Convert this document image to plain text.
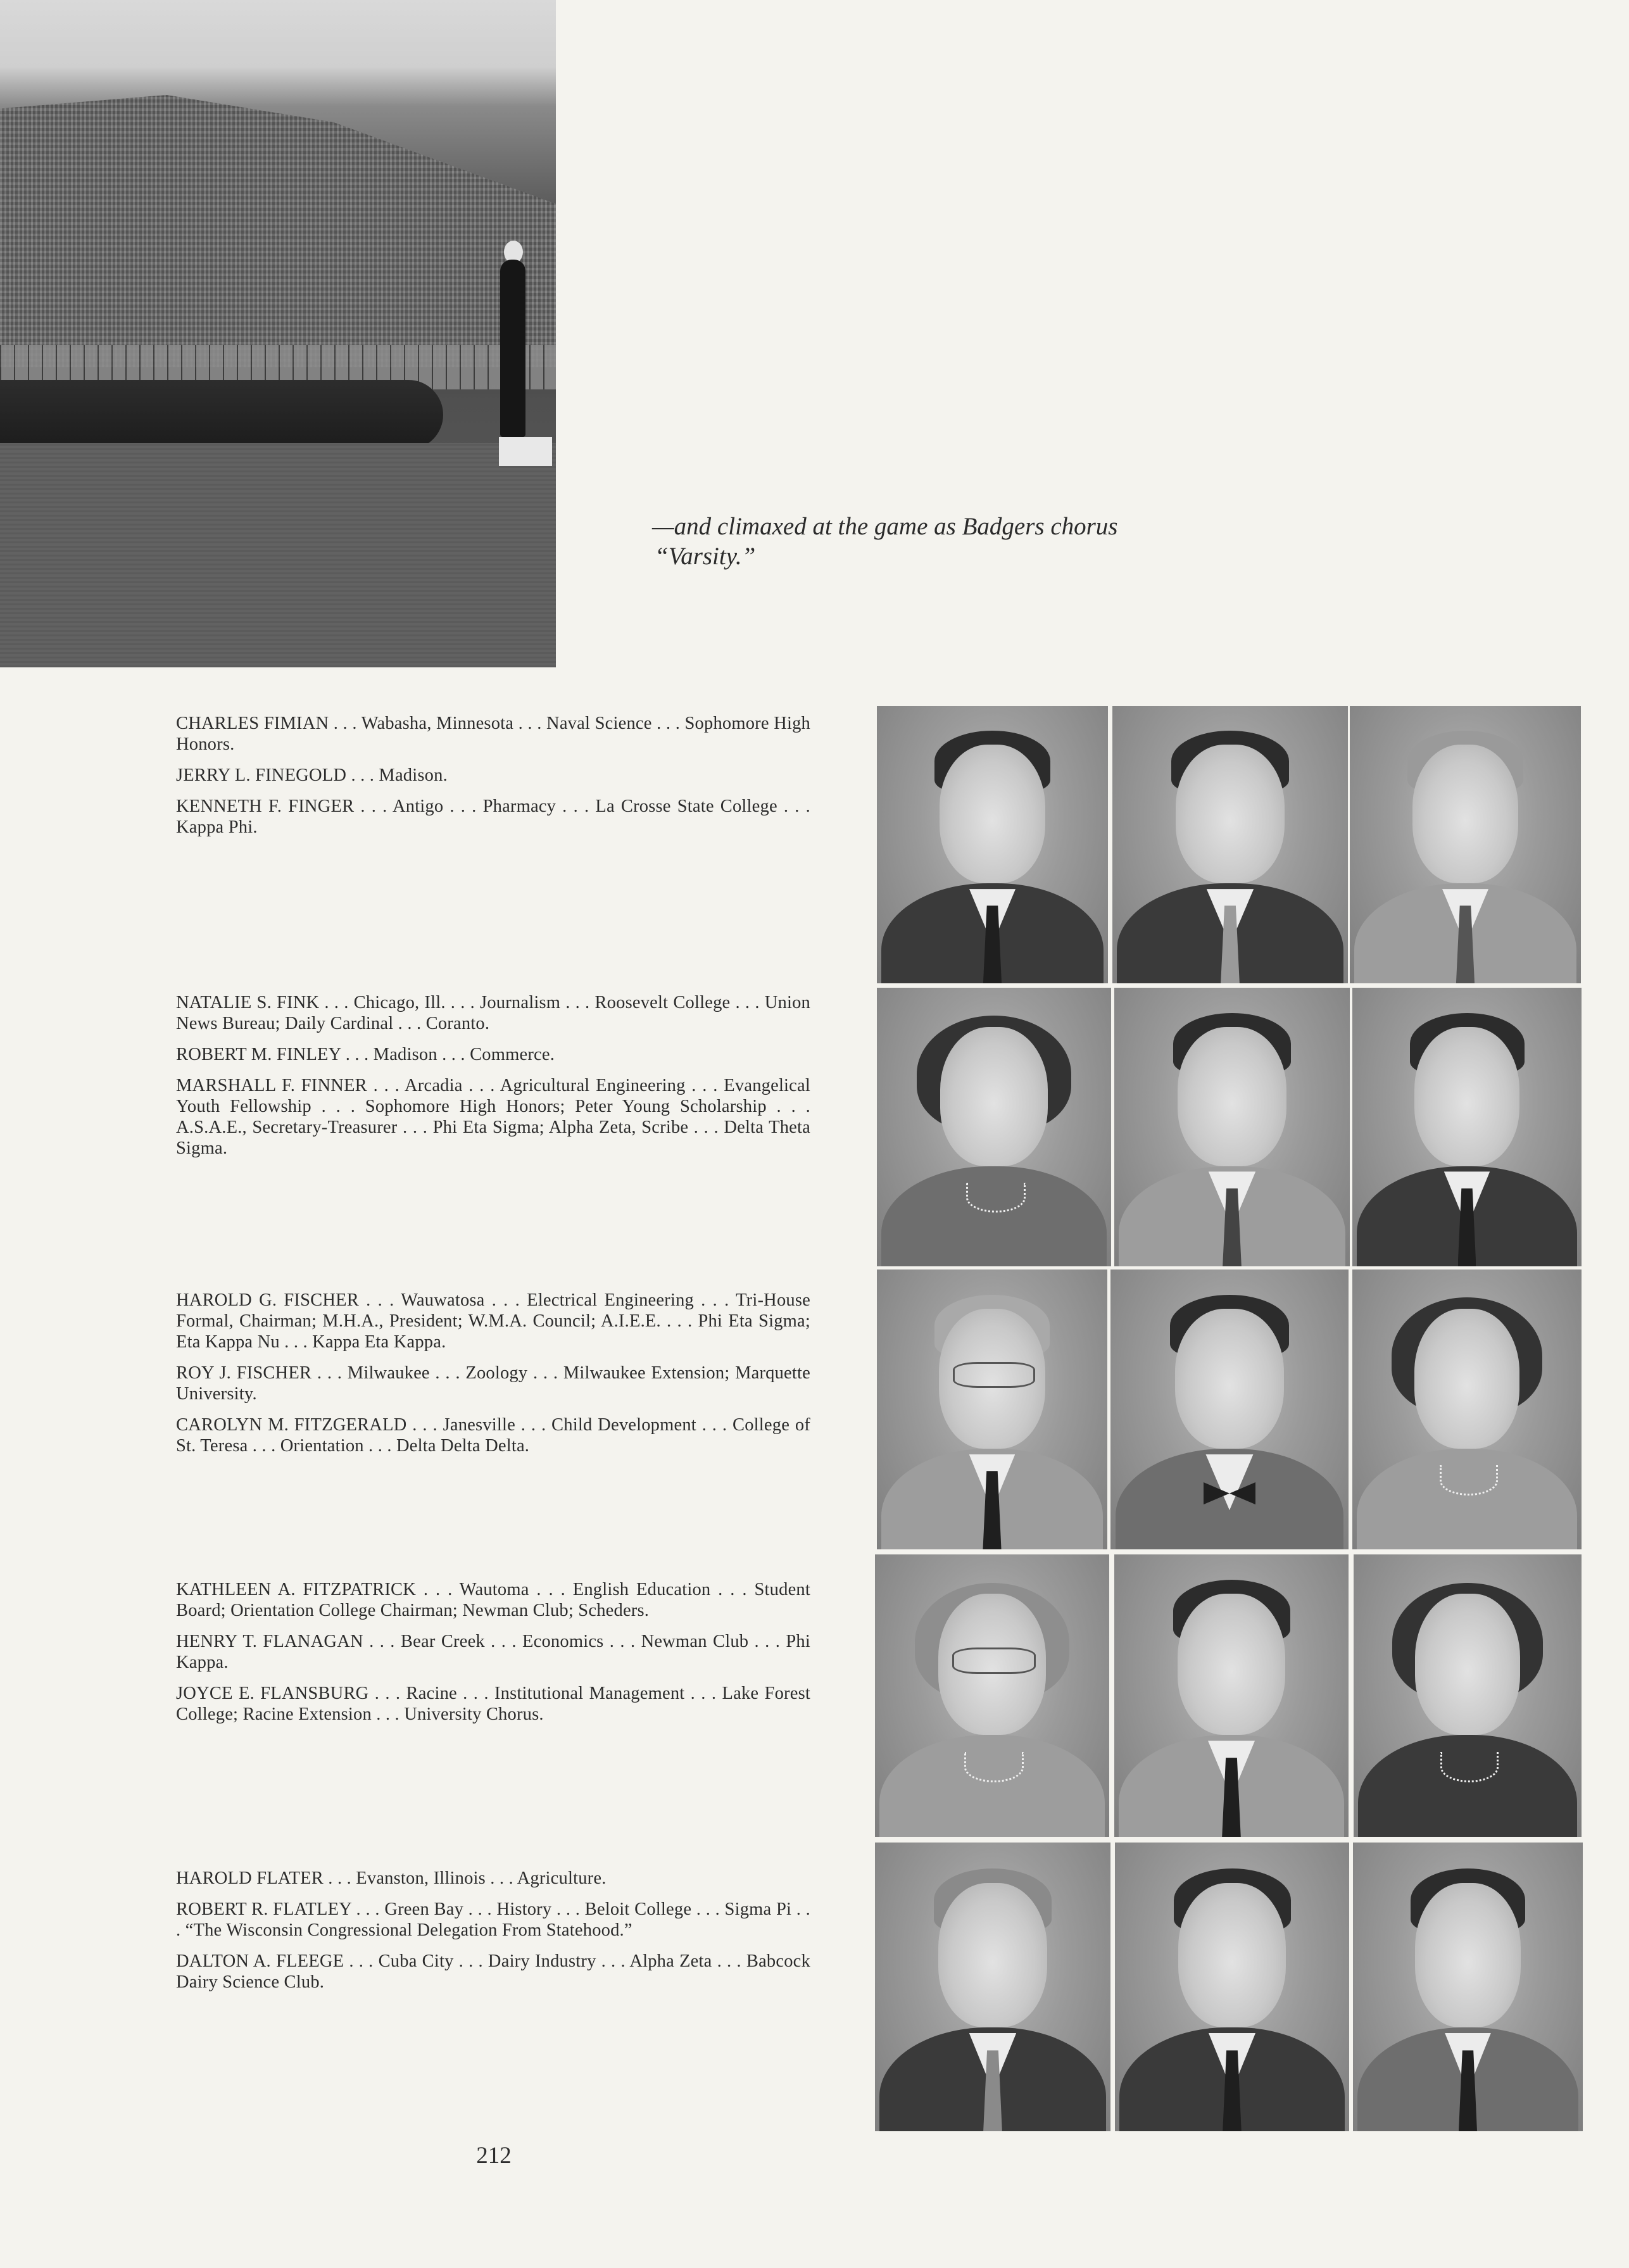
—and climaxed at the game as Badgers chorus
“Varsity.”

CHARLES FIMIAN . . . Wabasha, Minnesota . . . Naval Science . . . Sophomore High Honors.

JERRY L. FINEGOLD . . . Madison.

KENNETH F. FINGER . . . Antigo . . . Pharmacy . . . La Crosse State College . . . Kappa Phi.

NATALIE S. FINK . . . Chicago, Ill. . . . Journalism . . . Roosevelt College . . . Union News Bureau; Daily Cardinal . . . Coranto.

ROBERT M. FINLEY . . . Madison . . . Commerce.

MARSHALL F. FINNER . . . Arcadia . . . Agricultural Engineering . . . Evangelical Youth Fellowship . . . Sophomore High Honors; Peter Young Scholarship . . . A.S.A.E., Secretary-Treasurer . . . Phi Eta Sigma; Alpha Zeta, Scribe . . . Delta Theta Sigma.

HAROLD G. FISCHER . . . Wauwatosa . . . Electrical Engineering . . . Tri-House Formal, Chairman; M.H.A., President; W.M.A. Council; A.I.E.E. . . . Phi Eta Sigma; Eta Kappa Nu . . . Kappa Eta Kappa.

ROY J. FISCHER . . . Milwaukee . . . Zoology . . . Milwaukee Extension; Marquette University.

CAROLYN M. FITZGERALD . . . Janesville . . . Child Development . . . College of St. Teresa . . . Orientation . . . Delta Delta Delta.

KATHLEEN A. FITZPATRICK . . . Wautoma . . . English Education . . . Student Board; Orientation College Chairman; Newman Club; Scheders.

HENRY T. FLANAGAN . . . Bear Creek . . . Economics . . . Newman Club . . . Phi Kappa.

JOYCE E. FLANSBURG . . . Racine . . . Institutional Management . . . Lake Forest College; Racine Extension . . . University Chorus.

HAROLD FLATER . . . Evanston, Illinois . . . Agriculture.

ROBERT R. FLATLEY . . . Green Bay . . . History . . . Beloit College . . . Sigma Pi . . . “The Wisconsin Congressional Delegation From Statehood.”

DALTON A. FLEEGE . . . Cuba City . . . Dairy Industry . . . Alpha Zeta . . . Babcock Dairy Science Club.

212
